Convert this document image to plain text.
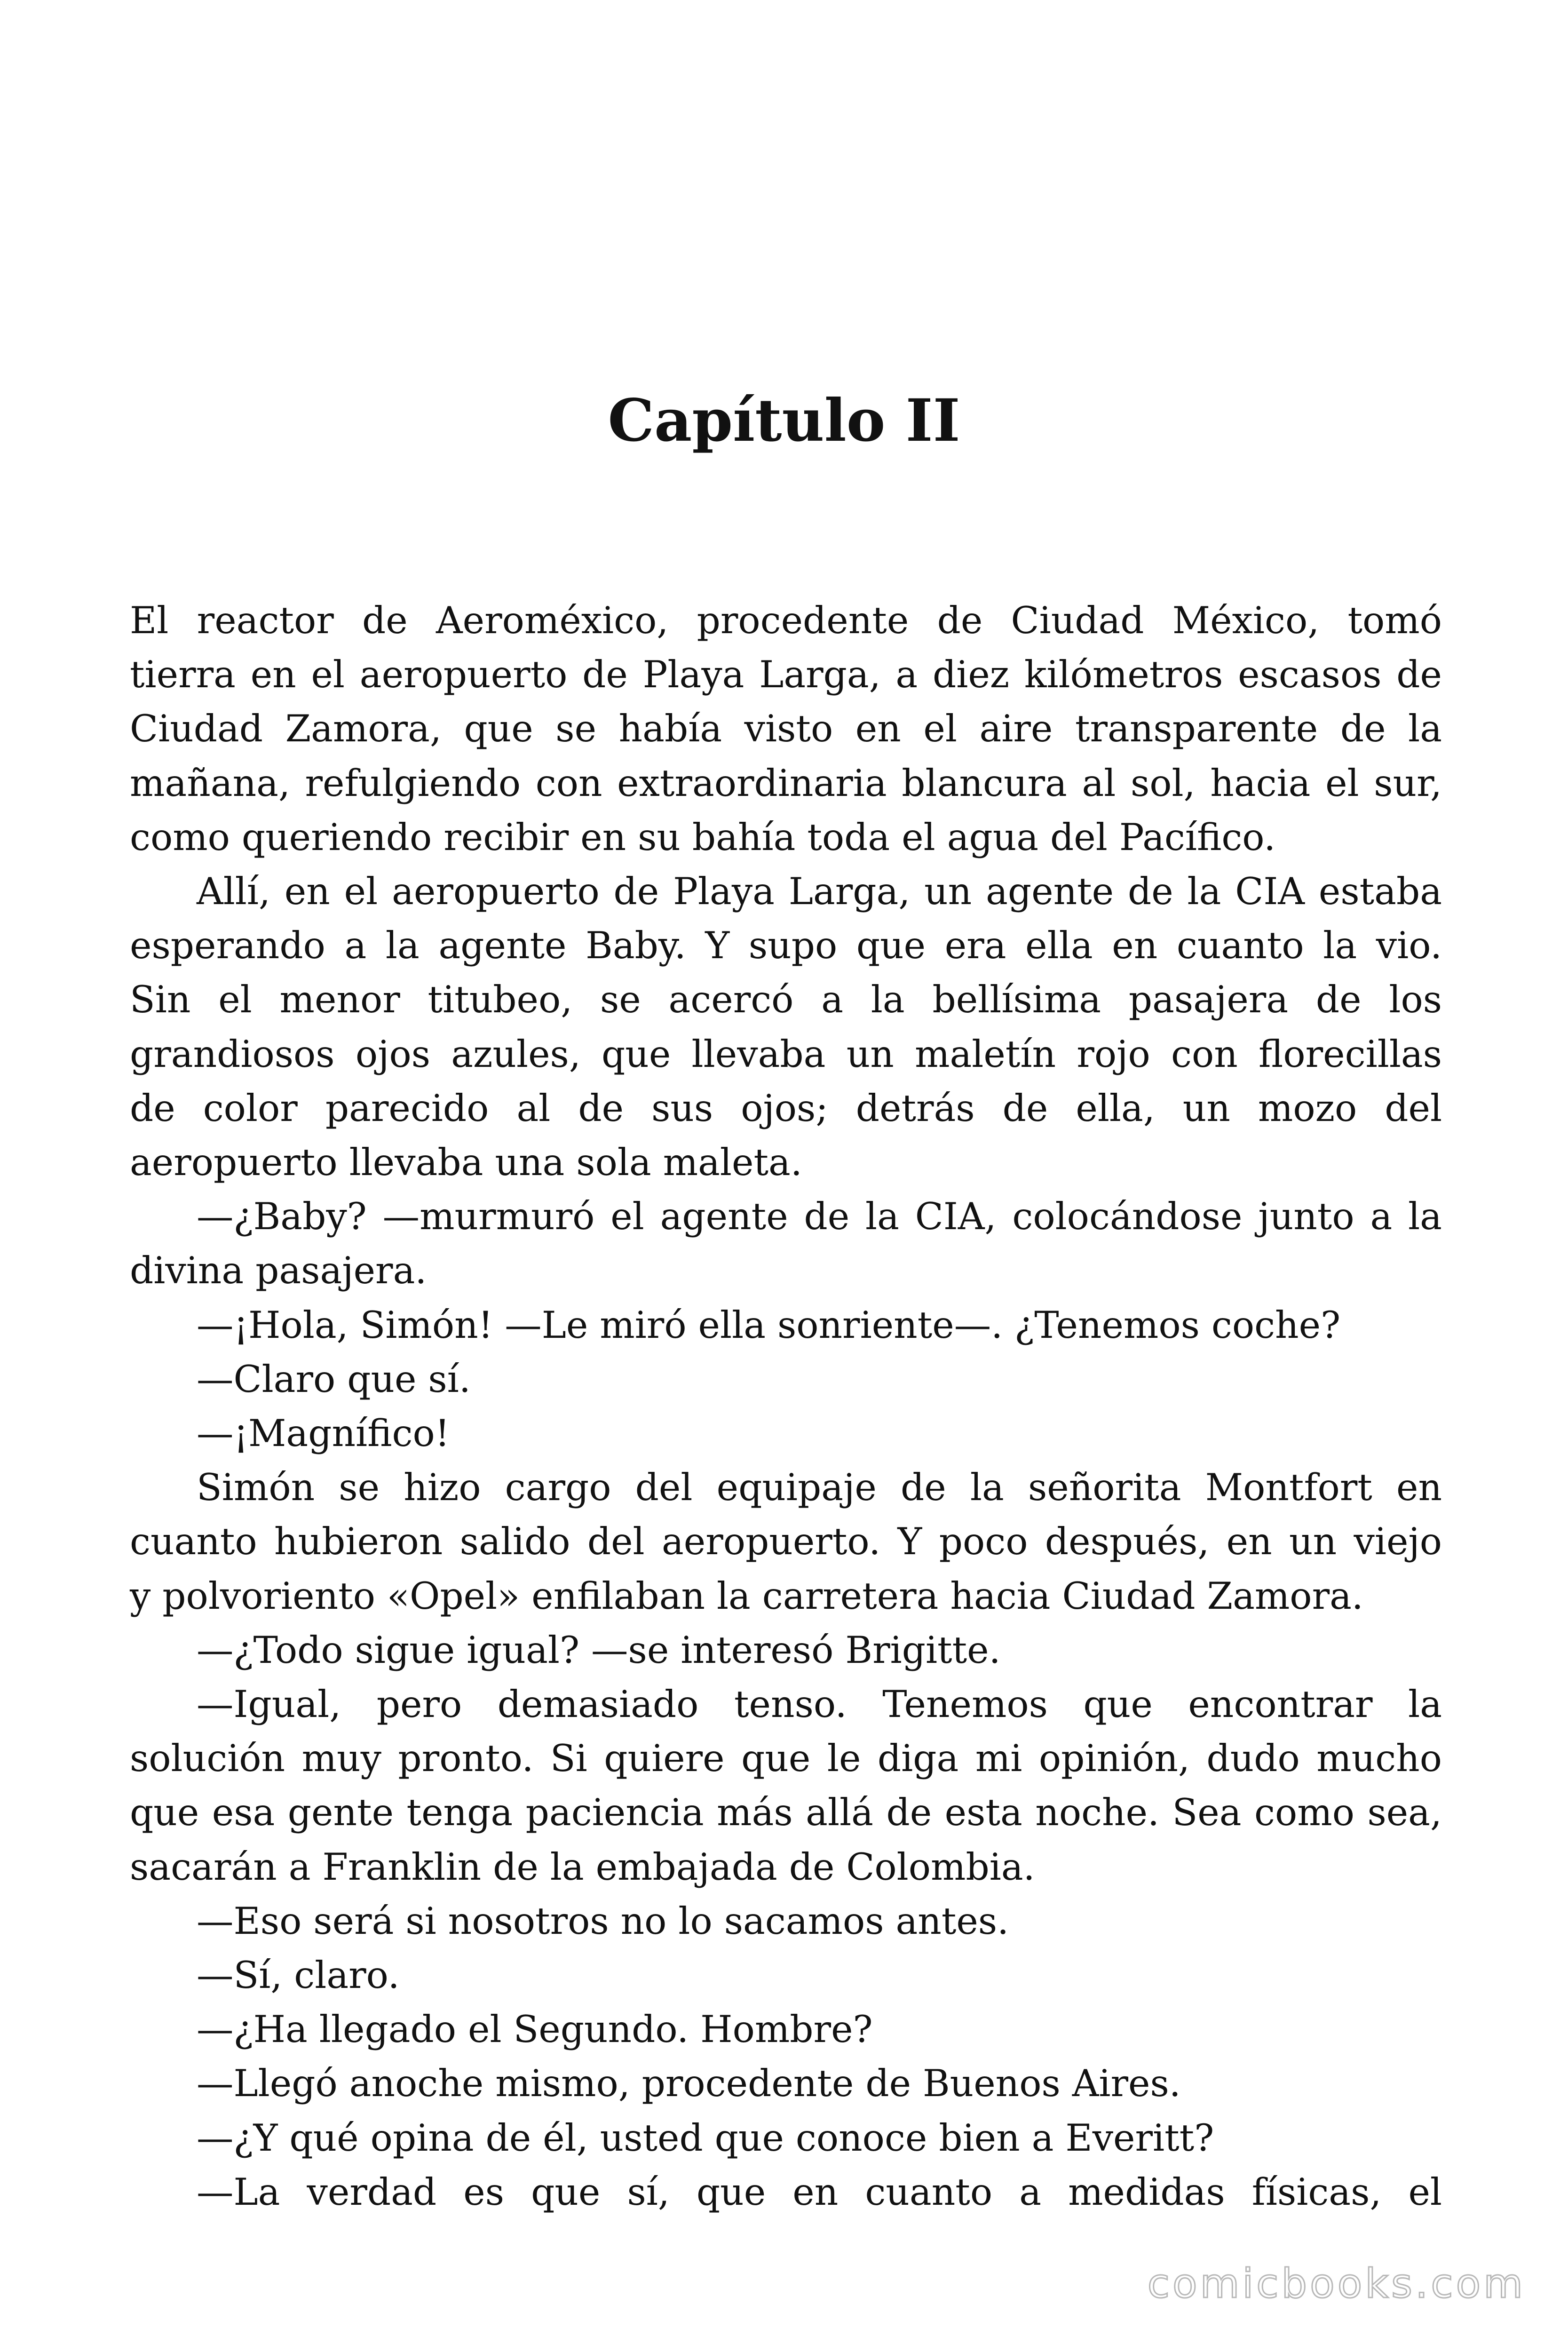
Capítulo II

El reactor de Aeroméxico, procedente de Ciudad México, tomó

tierra en el aeropuerto de Playa Larga, a diez kilómetros escasos de

Ciudad Zamora, que se había visto en el aire transparente de la

mañana, refulgiendo con extraordinaria blancura al sol, hacia el sur,

como queriendo recibir en su bahía toda el agua del Pacífico.

Allí, en el aeropuerto de Playa Larga, un agente de la CIA estaba

esperando a la agente Baby. Y supo que era ella en cuanto la vio.

Sin el menor titubeo, se acercó a la bellísima pasajera de los

grandiosos ojos azules, que llevaba un maletín rojo con florecillas

de color parecido al de sus ojos; detrás de ella, un mozo del

aeropuerto llevaba una sola maleta.

—¿Baby? —murmuró el agente de la CIA, colocándose junto a la

divina pasajera.

—¡Hola, Simón! —Le miró ella sonriente—. ¿Tenemos coche?

—Claro que sí.

—¡Magnífico!

Simón se hizo cargo del equipaje de la señorita Montfort en

cuanto hubieron salido del aeropuerto. Y poco después, en un viejo

y polvoriento «Opel» enfilaban la carretera hacia Ciudad Zamora.

—¿Todo sigue igual? —se interesó Brigitte.

—Igual, pero demasiado tenso. Tenemos que encontrar la

solución muy pronto. Si quiere que le diga mi opinión, dudo mucho

que esa gente tenga paciencia más allá de esta noche. Sea como sea,

sacarán a Franklin de la embajada de Colombia.

—Eso será si nosotros no lo sacamos antes.

—Sí, claro.

—¿Ha llegado el Segundo. Hombre?

—Llegó anoche mismo, procedente de Buenos Aires.

—¿Y qué opina de él, usted que conoce bien a Everitt?

—La verdad es que sí, que en cuanto a medidas físicas, el

comicbooks.com
